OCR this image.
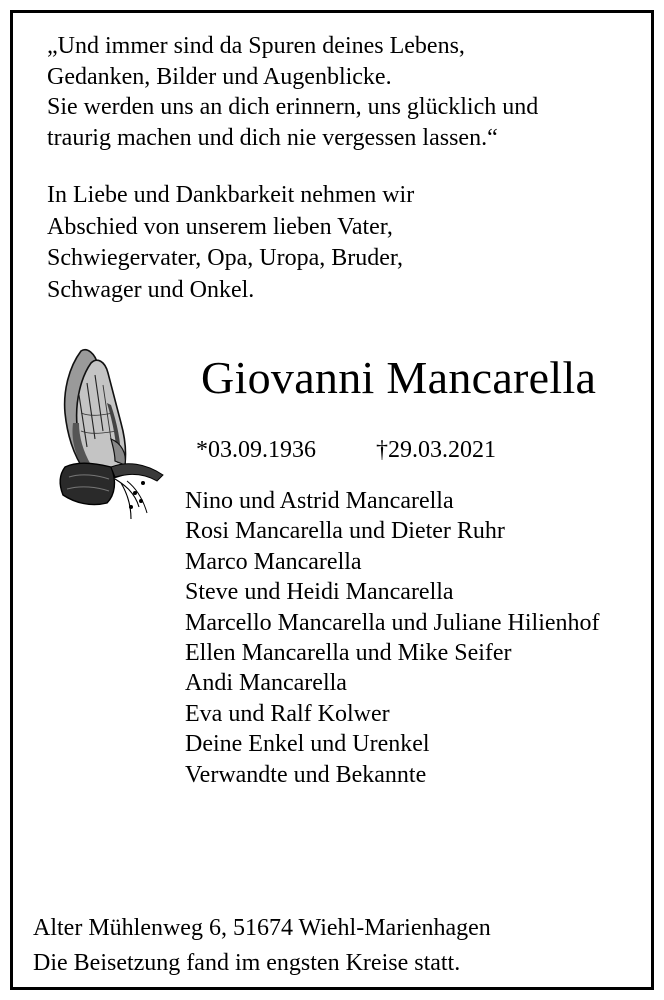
„Und immer sind da Spuren deines Lebens,
Gedanken, Bilder und Augenblicke.
Sie werden uns an dich erinnern, uns glücklich und
traurig machen und dich nie vergessen lassen.“
In Liebe und Dankbarkeit nehmen wir
Abschied von unserem lieben Vater,
Schwiegervater, Opa, Uropa, Bruder,
Schwager und Onkel.
Giovanni Mancarella
*03.09.1936	†29.03.2021
Nino und Astrid Mancarella
Rosi Mancarella und Dieter Ruhr
Marco Mancarella
Steve und Heidi Mancarella
Marcello Mancarella und Juliane Hilienhof
Ellen Mancarella und Mike Seifer
Andi Mancarella
Eva und Ralf Kolwer
Deine Enkel und Urenkel
Verwandte und Bekannte
Alter Mühlenweg 6, 51674 Wiehl-Marienhagen
Die Beisetzung fand im engsten Kreise statt.
